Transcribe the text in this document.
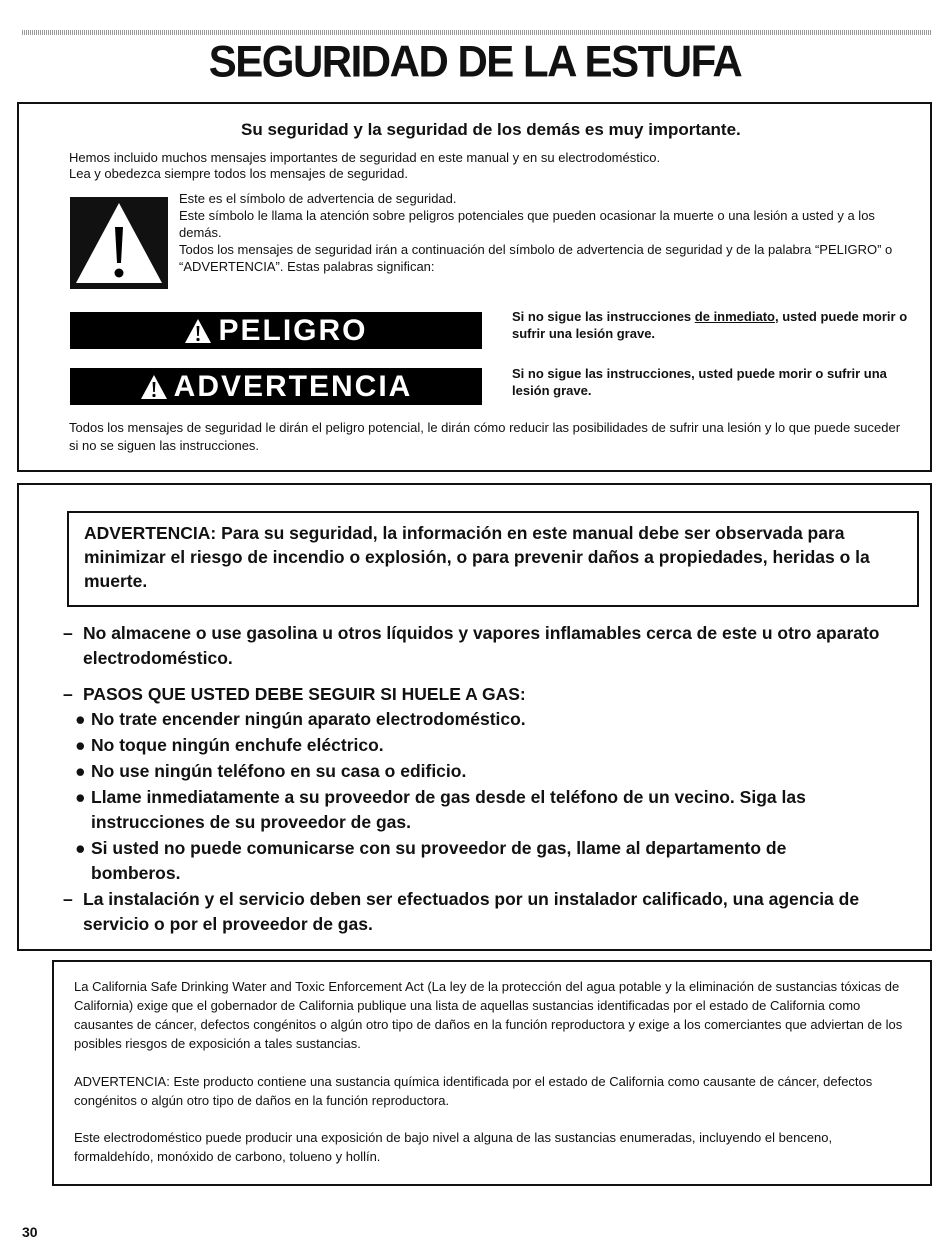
SEGURIDAD DE LA ESTUFA

Su seguridad y la seguridad de los demás es muy importante.

Hemos incluido muchos mensajes importantes de seguridad en este manual y en su electrodoméstico.
Lea y obedezca siempre todos los mensajes de seguridad.

Este es el símbolo de advertencia de seguridad.

Este símbolo le llama la atención sobre peligros potenciales que pueden ocasionar la muerte o una lesión a usted y a los demás.

Todos los mensajes de seguridad irán a continuación del símbolo de advertencia de seguridad y de la palabra “PELIGRO” o “ADVERTENCIA”. Estas palabras significan:

PELIGRO	Si no sigue las instrucciones de inmediato, usted puede morir o sufrir una lesión grave.

ADVERTENCIA	Si no sigue las instrucciones, usted puede morir o sufrir una lesión grave.

Todos los mensajes de seguridad le dirán el peligro potencial, le dirán cómo reducir las posibilidades de sufrir una lesión y lo que puede suceder si no se siguen las instrucciones.

ADVERTENCIA: Para su seguridad, la información en este manual debe ser observada para minimizar el riesgo de incendio o explosión, o para prevenir daños a propiedades, heridas o la muerte.
– No almacene o use gasolina u otros líquidos y vapores inflamables cerca de este u otro aparato electrodoméstico.
– PASOS QUE USTED DEBE SEGUIR SI HUELE A GAS:
● No trate encender ningún aparato electrodoméstico.
● No toque ningún enchufe eléctrico.
● No use ningún teléfono en su casa o edificio.
● Llame inmediatamente a su proveedor de gas desde el teléfono de un vecino. Siga las instrucciones de su proveedor de gas.
● Si usted no puede comunicarse con su proveedor de gas, llame al departamento de bomberos.
– La instalación y el servicio deben ser efectuados por un instalador calificado, una agencia de servicio o por el proveedor de gas.

La California Safe Drinking Water and Toxic Enforcement Act (La ley de la protección del agua potable y la eliminación de sustancias tóxicas de California) exige que el gobernador de California publique una lista de aquellas sustancias identificadas por el estado de California como causantes de cáncer, defectos congénitos o algún otro tipo de daños en la función reproductora y exige a los comerciantes que adviertan de los posibles riesgos de exposición a tales sustancias.

ADVERTENCIA: Este producto contiene una sustancia química identificada por el estado de California como causante de cáncer, defectos congénitos o algún otro tipo de daños en la función reproductora.

Este electrodoméstico puede producir una exposición de bajo nivel a alguna de las sustancias enumeradas, incluyendo el benceno, formaldehído, monóxido de carbono, tolueno y hollín.

30
